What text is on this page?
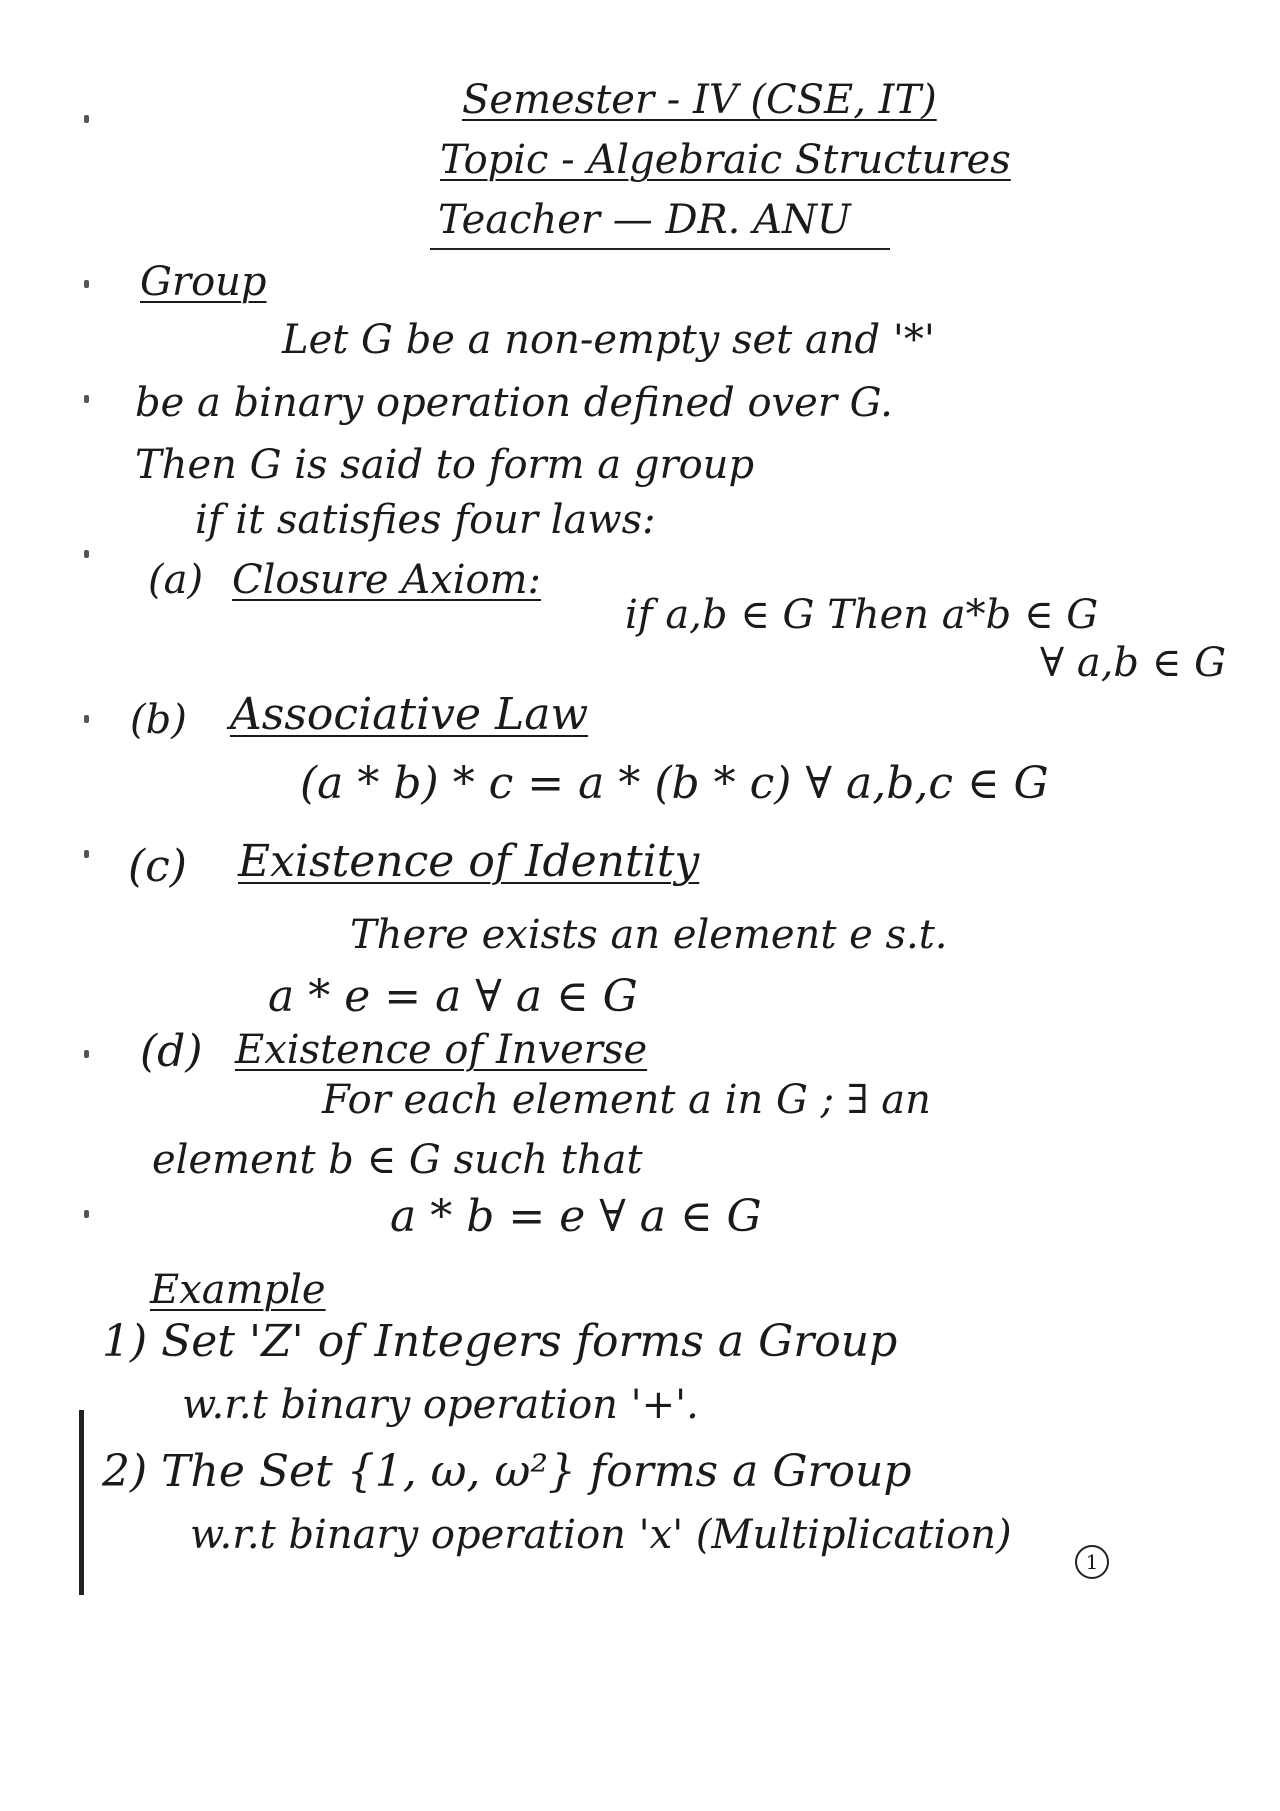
Semester - IV (CSE, IT)
Topic - Algebraic Structures
Teacher — DR. ANU
Group
Let G be a non-empty set and '*'
be a binary operation defined over G.
Then G is said to form a group
if it satisfies four laws:
(a) Closure Axiom:
if a,b ∈ G Then a*b ∈ G
∀ a,b ∈ G
(b) Associative Law
(a * b) * c = a * (b * c) ∀ a,b,c ∈ G
(c) Existence of Identity
There exists an element e s.t.
a * e = a ∀ a ∈ G
(d) Existence of Inverse
For each element a in G ; ∃ an
element b ∈ G such that
a * b = e ∀ a ∈ G
Example
1) Set 'Z' of Integers forms a Group
w.r.t binary operation '+'.
2) The Set {1, ω, ω²} forms a Group
w.r.t binary operation 'x' (Multiplication)
1
